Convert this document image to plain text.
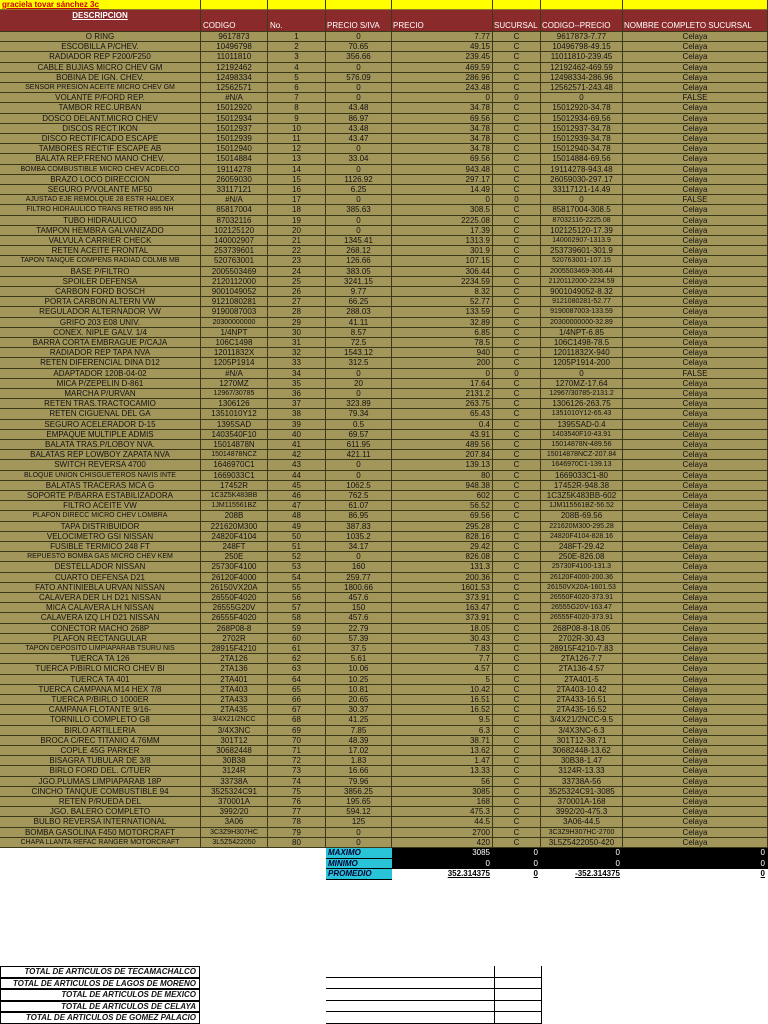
graciela tovar sánchez 3c
DESCRIPCION
CODIGO	No.	PRECIO S/IVA	PRECIO	SUCURSAL CODIGO--PRECIO	NOMBRE COMPLETO SUCURSAL
O RING	9617873	1	0	7.77	C	9617873-7.77	Celaya
ESCOBILLA P/CHEV.	10496798	2	70.65	49.15	C	10496798-49.15	Celaya
RADIADOR REP F200/F250	11011810	3	356.66	239.45	C	11011810-239.45	Celaya
CABLE BUJIAS MICRO CHEV GM	12192462	4	0	469.59	C	12192462-469.59	Celaya
BOBINA DE IGN. CHEV.	12498334	5	576.09	286.96	C	12498334-286.96	Celaya
SENSOR PRESION ACEITE MICRO CHEV GM	12562571	6	0	243.48	C	12562571-243.48	Celaya
VOLANTE P/FORD REP.	#N/A	7	0	0	0	0	FALSE
TAMBOR REC.URBAN	15012920	8	43.48	34.78	C	15012920-34.78	Celaya
DOSCO DELANT.MICRO CHEV	15012934	9	86.97	69.56	C	15012934-69.56	Celaya
DISCOS RECT.IKON	15012937	10	43.48	34.78	C	15012937-34.78	Celaya
DISCO RECTIFICADO ESCAPE	15012939	11	43.47	34.78	C	15012939-34.78	Celaya
TAMBORES RECTIF ESCAPE AB	15012940	12	0	34.78	C	15012940-34.78	Celaya
BALATA REP.FRENO MANO CHEV.	15014884	13	33.04	69.56	C	15014884-69.56	Celaya
BOMBA COMBUSTIBLE MICRO CHEV ACDELCO	19114278	14	0	943.48	C	19114278-943.48	Celaya
BRAZO LOCO DIRECCION	26059030	15	1126.92	297.17	C	26059030-297.17	Celaya
SEGURO P/VOLANTE MF50	33117121	16	6.25	14.49	C	33117121-14.49	Celaya
AJUSTAD EJE REMOLQUE 28 ESTR HALDEX	#N/A	17	0	0	0	0	FALSE
FILTRO HIDRAULICO TRANS RETRO 895 NH	85817004	18	385.63	308.5	C	85817004-308.5	Celaya
TUBO HIDRAULICO	87032116	19	0	2225.08	C	87032116-2225.08	Celaya
TAMPON HEMBRA GALVANIZADO	102125120	20	0	17.39	C	102125120-17.39	Celaya
VALVULA CARRIER CHECK	140002907	21	1345.41	1313.9	C	140002907-1313.9	Celaya
RETEN ACEITE FRONTAL	253739601	22	268.12	301.9	C	253739601-301.9	Celaya
TAPON TANQUE COMPENS RADIAD COLMB MB	520763001	23	126.66	107.15	C	520763001-107.15	Celaya
BASE P/FILTRO	2005503469	24	383.05	306.44	C	2005503469-306.44	Celaya
SPOILER DEFENSA	2120112000	25	3241.15	2234.59	C	2120112000-2234.59	Celaya
CARBON FORD BOSCH	9001049052	26	9.77	8.32	C	9001049052-8.32	Celaya
PORTA CARBON ALTERN VW	9121080281	27	66.25	52.77	C	9121080281-52.77	Celaya
REGULADOR ALTERNADOR VW	9190087003	28	288.03	133.59	C	9190087003-133.59	Celaya
GRIFO 203 E08 UNIV.	20300000000	29	41.11	32.89	C	20300000000-32.89	Celaya
CONEX. NIPLE GALV. 1/4	1/4NPT	30	8.57	6.85	C	1/4NPT-6.85	Celaya
BARRA CORTA EMBRAGUE P/CAJA	106C1498	31	72.5	78.5	C	106C1498-78.5	Celaya
RADIADOR REP TAPA NVA	12011832X	32	1543.12	940	C	12011832X-940	Celaya
RETEN DIFERENCIAL DINA D12	1205P1914	33	312.5	200	C	1205P1914-200	Celaya
ADAPTADOR 120B-04-02	#N/A	34	0	0	0	0	FALSE
MICA P/ZEPELIN D-861	1270MZ	35	20	17.64	C	1270MZ-17.64	Celaya
MARCHA P/URVAN	12967/30785	36	0	2131.2	C	12967/30785-2131.2	Celaya
RETEN TRAS.TRACTOCAMIO	1306126	37	323.89	263.75	C	1306126-263.75	Celaya
RETEN CIGUENAL DEL GA	1351010Y12	38	79.34	65.43	C	1351010Y12-65.43	Celaya
SEGURO ACELERADOR D-15	1395SAD	39	0.5	0.4	C	1395SAD-0.4	Celaya
EMPAQUE MULTIPLE ADMIS	1403540F10	40	69.57	43.91	C	1403540F10-43.91	Celaya
BALATA TRAS.P/LOBOY NVA.	15014878N	41	611.95	489.56	C	15014878N-489.56	Celaya
BALATAS REP LOWBOY ZAPATA NVA	15014878NCZ	42	421.11	207.84	C	15014878NCZ-207.84	Celaya
SWITCH REVERSA 4700	1646970C1	43	0	139.13	C	1646970C1-139.13	Celaya
BLOQUE UNION CHISGUETEROS NAVIS INTE	1669033C1	44	0	80	C	1669033C1-80	Celaya
BALATAS TRACERAS MCA G	17452R	45	1062.5	948.38	C	17452R-948.38	Celaya
SOPORTE P/BARRA ESTABILIZADORA	1C3Z5K483BB	46	762.5	602	C	1C3Z5K483BB-602	Celaya
FILTRO ACEITE VW	1JM115561BZ	47	61.07	56.52	C	1JM115561BZ-56.52	Celaya
PLAFON DIRECC MICRO CHEV LOMBRA	208B	48	86.95	69.56	C	208B-69.56	Celaya
TAPA DISTRIBUIDOR	221620M300	49	387.83	295.28	C	221620M300-295.28	Celaya
VELOCIMETRO GSI NISSAN	24820F4104	50	1035.2	828.16	C	24820F4104-828.16	Celaya
FUSIBLE TERMICO 248 FT	248FT	51	34.17	29.42	C	248FT-29.42	Celaya
REPUESTO BOMBA GAS MICRO CHEV KEM	250E	52	0	826.08	C	250E-826.08	Celaya
DESTELLADOR NISSAN	25730F4100	53	160	131.3	C	25730F4100-131.3	Celaya
CUARTO DEFENSA D21	26120F4000	54	259.77	200.36	C	26120F4000-200.36	Celaya
FATO ANTINIEBLA URVAN NISSAN	26150VX20A	55	1800.66	1601.53	C	26150VX20A-1601.53	Celaya
CALAVERA DER LH D21 NISSAN	26550F4020	56	457.6	373.91	C	26550F4020-373.91	Celaya
MICA CALAVERA LH NISSAN	26555G20V	57	150	163.47	C	26555G20V-163.47	Celaya
CALAVERA IZQ LH D21 NISSAN	26555F4020	58	457.6	373.91	C	26555F4020-373.91	Celaya
CONECTOR MACHO 268P	268P08-8	59	22.79	18.05	C	268P08-8-18.05	Celaya
PLAFON RECTANGULAR	2702R	60	57.39	30.43	C	2702R-30.43	Celaya
TAPON DEPOSITO LIMPIAPARAB TSURU NIS	28915F4210	61	37.5	7.83	C	28915F4210-7.83	Celaya
TUERCA TA 126	2TA126	62	5.61	7.7	C	2TA126-7.7	Celaya
TUERCA P/BIRLO MICRO CHEV BI	2TA136	63	10.06	4.57	C	2TA136-4.57	Celaya
TUERCA TA 401	2TA401	64	10.25	5	C	2TA401-5	Celaya
TUERCA CAMPANA M14 HEX 7/8	2TA403	65	10.81	10.42	C	2TA403-10.42	Celaya
TUERCA P/BIRLO 1000ER	2TA433	66	20.65	16.51	C	2TA433-16.51	Celaya
CAMPANA FLOTANTE 9/16-	2TA435	67	30.37	16.52	C	2TA435-16.52	Celaya
TORNILLO COMPLETO G8	3/4X21/2NCC	68	41.25	9.5	C	3/4X21/2NCC-9.5	Celaya
BIRLO ARTILLERIA	3/4X3NC	69	7.85	6.3	C	3/4X3NC-6.3	Celaya
BROCA C/REC TITANIO 4.76MM	301T12	70	48.39	38.71	C	301T12-38.71	Celaya
COPLE 45G PARKER	30682448	71	17.02	13.62	C	30682448-13.62	Celaya
BISAGRA TUBULAR DE 3/8	30B38	72	1.83	1.47	C	30B38-1.47	Celaya
BIRLO FORD DEL. C/TUER	3124R	73	16.66	13.33	C	3124R-13.33	Celaya
JGO.PLUMAS LIMPIAPARAB 18P	33738A	74	79.96	56	C	33738A-56	Celaya
CINCHO TANQUE COMBUSTIBLE 94	3525324C91	75	3856.25	3085	C	3525324C91-3085	Celaya
RETEN P/RUEDA DEL	370001A	76	195.65	168	C	370001A-168	Celaya
JGO. BALERO COMPLETO	3992/20	77	594.12	475.3	C	3992/20-475.3	Celaya
BULBO REVERSA INTERNATIONAL	3A06	78	125	44.5	C	3A06-44.5	Celaya
BOMBA GASOLINA F450 MOTORCRAFT	3C3Z9H307HC	79	0	2700	C	3C3Z9H307HC-2700	Celaya
CHAPA LLANTA REFAC RANGER MOTORCRAFT	3L5Z5422050	80	0	420	C	3L5Z5422050-420	Celaya
MAXIMO	3085	0	0	0
MINIMO	0	0	0	0
PROMEDIO	352.314375	0	-352.314375	0
TOTAL DE ARTICULOS DE TECAMACHALCO
TOTAL DE ARTICULOS DE LAGOS DE MORENO
TOTAL DE ARTICULOS DE MEXICO
TOTAL DE ARTICULOS DE CELAYA
TOTAL DE ARTICULOS DE GOMEZ PALACIO
